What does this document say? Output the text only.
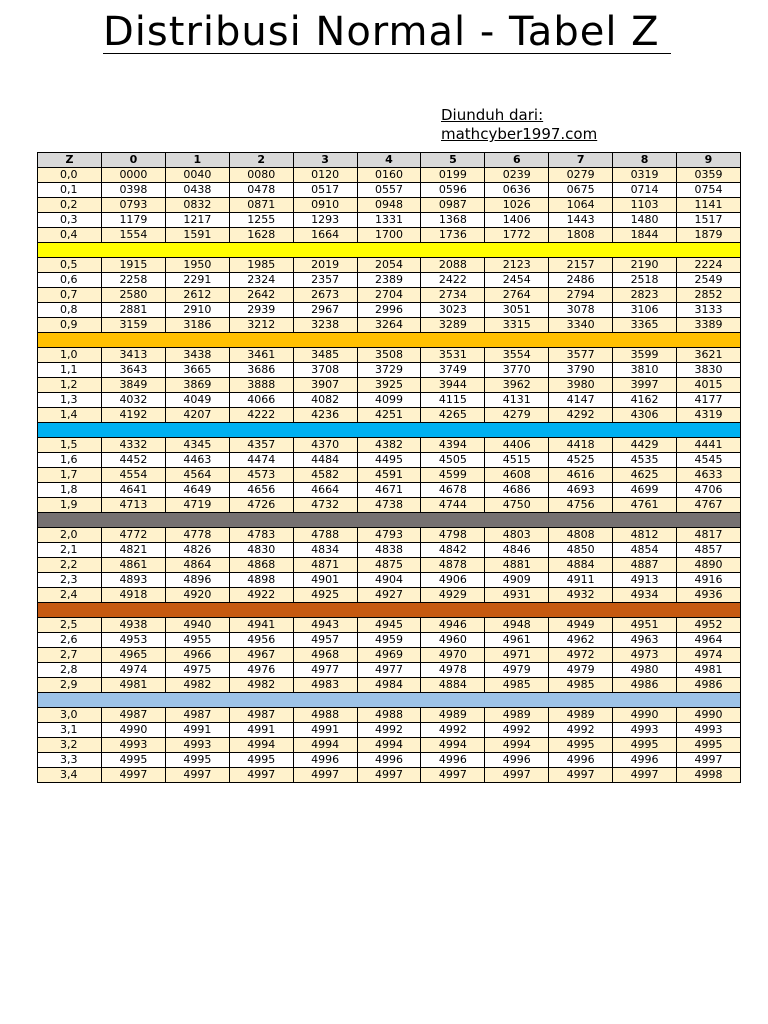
Distribusi Normal - Tabel Z
Diunduh dari:
mathcyber1997.com
Z	0	1	2	3	4	5	6	7	8	9
0,0	0000	0040	0080	0120	0160	0199	0239	0279	0319	0359
0,1	0398	0438	0478	0517	0557	0596	0636	0675	0714	0754
0,2	0793	0832	0871	0910	0948	0987	1026	1064	1103	1141
0,3	1179	1217	1255	1293	1331	1368	1406	1443	1480	1517
0,4	1554	1591	1628	1664	1700	1736	1772	1808	1844	1879

0,5	1915	1950	1985	2019	2054	2088	2123	2157	2190	2224
0,6	2258	2291	2324	2357	2389	2422	2454	2486	2518	2549
0,7	2580	2612	2642	2673	2704	2734	2764	2794	2823	2852
0,8	2881	2910	2939	2967	2996	3023	3051	3078	3106	3133
0,9	3159	3186	3212	3238	3264	3289	3315	3340	3365	3389

1,0	3413	3438	3461	3485	3508	3531	3554	3577	3599	3621
1,1	3643	3665	3686	3708	3729	3749	3770	3790	3810	3830
1,2	3849	3869	3888	3907	3925	3944	3962	3980	3997	4015
1,3	4032	4049	4066	4082	4099	4115	4131	4147	4162	4177
1,4	4192	4207	4222	4236	4251	4265	4279	4292	4306	4319

1,5	4332	4345	4357	4370	4382	4394	4406	4418	4429	4441
1,6	4452	4463	4474	4484	4495	4505	4515	4525	4535	4545
1,7	4554	4564	4573	4582	4591	4599	4608	4616	4625	4633
1,8	4641	4649	4656	4664	4671	4678	4686	4693	4699	4706
1,9	4713	4719	4726	4732	4738	4744	4750	4756	4761	4767

2,0	4772	4778	4783	4788	4793	4798	4803	4808	4812	4817
2,1	4821	4826	4830	4834	4838	4842	4846	4850	4854	4857
2,2	4861	4864	4868	4871	4875	4878	4881	4884	4887	4890
2,3	4893	4896	4898	4901	4904	4906	4909	4911	4913	4916
2,4	4918	4920	4922	4925	4927	4929	4931	4932	4934	4936

2,5	4938	4940	4941	4943	4945	4946	4948	4949	4951	4952
2,6	4953	4955	4956	4957	4959	4960	4961	4962	4963	4964
2,7	4965	4966	4967	4968	4969	4970	4971	4972	4973	4974
2,8	4974	4975	4976	4977	4977	4978	4979	4979	4980	4981
2,9	4981	4982	4982	4983	4984	4884	4985	4985	4986	4986

3,0	4987	4987	4987	4988	4988	4989	4989	4989	4990	4990
3,1	4990	4991	4991	4991	4992	4992	4992	4992	4993	4993
3,2	4993	4993	4994	4994	4994	4994	4994	4995	4995	4995
3,3	4995	4995	4995	4996	4996	4996	4996	4996	4996	4997
3,4	4997	4997	4997	4997	4997	4997	4997	4997	4997	4998
